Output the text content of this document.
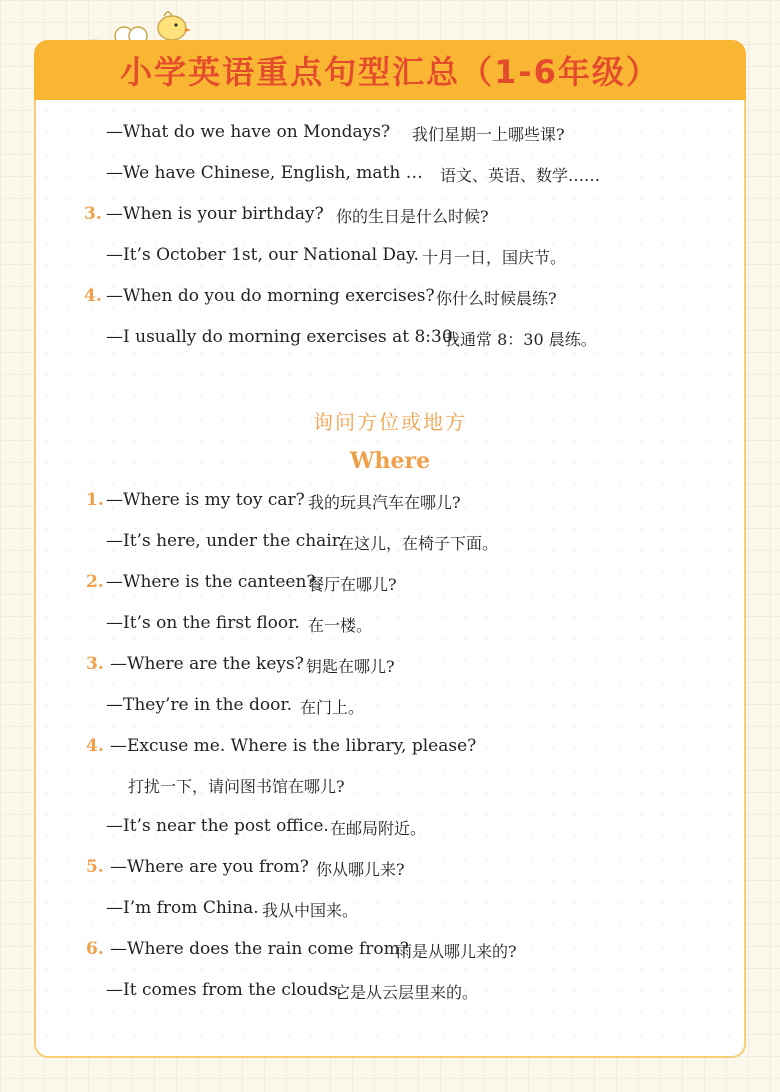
小学英语重点句型汇总（1-6年级）
—What do we have on Mondays? 我们星期一上哪些课?
—We have Chinese, English, math … 语文、英语、数学……
3. —When is your birthday? 你的生日是什么时候?
—It’s October 1st, our National Day. 十月一日，国庆节。
4. —When do you do morning exercises? 你什么时候晨练?
—I usually do morning exercises at 8:30.
我通常 8：30 晨练。
询问方位或地方
Where
1. —Where is my toy car? 我的玩具汽车在哪儿?
—It’s here, under the chair.
在这儿，在椅子下面。
2. —Where is the canteen?
餐厅在哪儿?
—It’s on the first floor. 在一楼。
3. —Where are the keys? 钥匙在哪儿?
—They’re in the door. 在门上。
4. —Excuse me. Where is the library, please?
打扰一下，请问图书馆在哪儿?
—It’s near the post office. 在邮局附近。
5. —Where are you from? 你从哪儿来?
—I’m from China. 我从中国来。
6. —Where does the rain come from?
雨是从哪儿来的?
—It comes from the clouds.
它是从云层里来的。
